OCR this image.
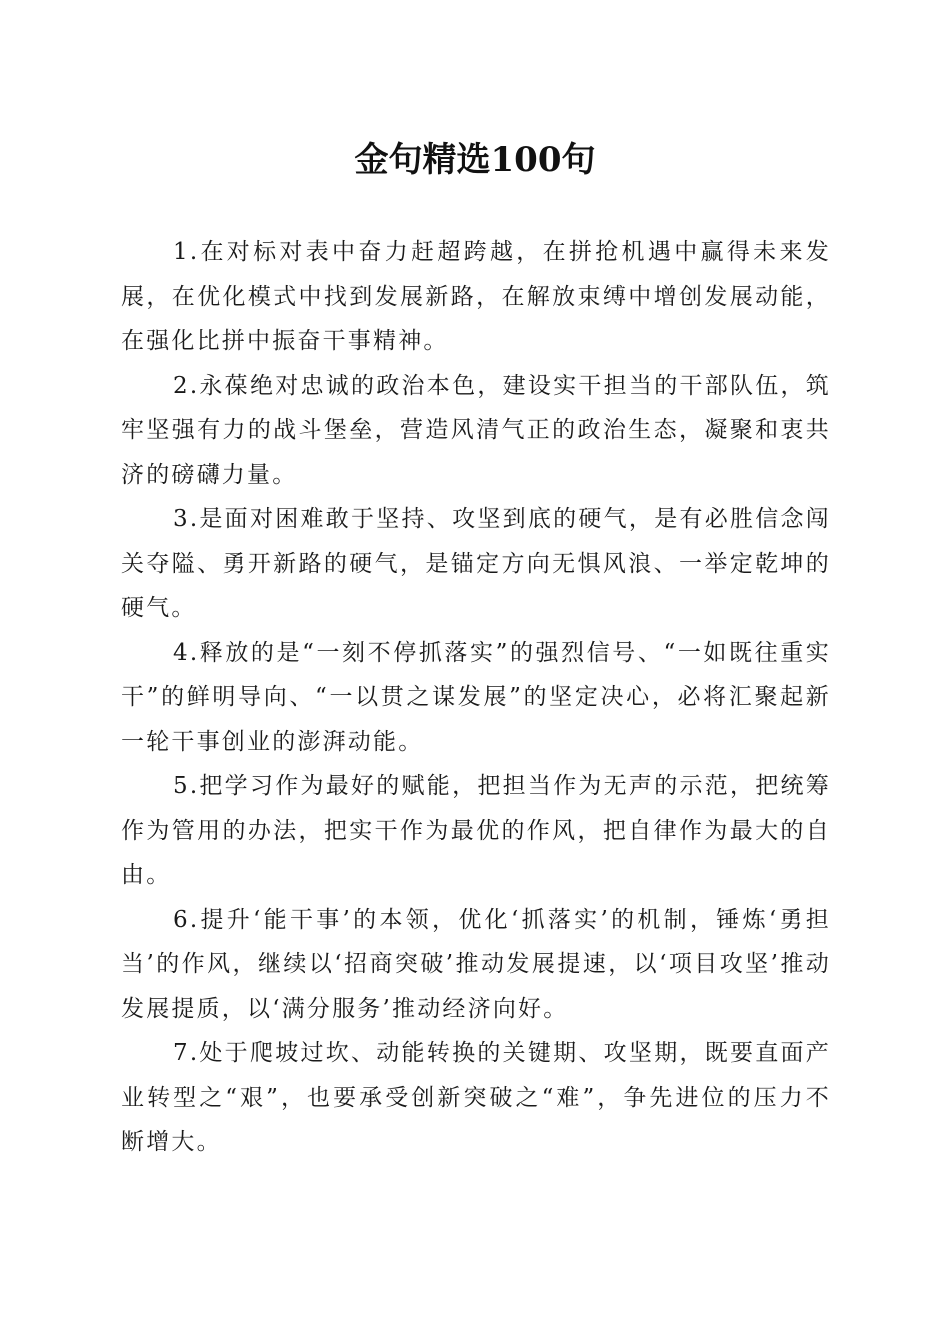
金句精选100句

1.在对标对表中奋力赶超跨越，在拼抢机遇中赢得未来发展，在优化模式中找到发展新路，在解放束缚中增创发展动能，在强化比拼中振奋干事精神。

2.永葆绝对忠诚的政治本色，建设实干担当的干部队伍，筑牢坚强有力的战斗堡垒，营造风清气正的政治生态，凝聚和衷共济的磅礴力量。

3.是面对困难敢于坚持、攻坚到底的硬气，是有必胜信念闯关夺隘、勇开新路的硬气，是锚定方向无惧风浪、一举定乾坤的硬气。

4.释放的是“一刻不停抓落实”的强烈信号、“一如既往重实干”的鲜明导向、“一以贯之谋发展”的坚定决心，必将汇聚起新一轮干事创业的澎湃动能。

5.把学习作为最好的赋能，把担当作为无声的示范，把统筹作为管用的办法，把实干作为最优的作风，把自律作为最大的自由。

6.提升‘能干事’的本领，优化‘抓落实’的机制，锤炼‘勇担当’的作风，继续以‘招商突破’推动发展提速，以‘项目攻坚’推动发展提质，以‘满分服务’推动经济向好。

7.处于爬坡过坎、动能转换的关键期、攻坚期，既要直面产业转型之“艰”，也要承受创新突破之“难”，争先进位的压力不断增大。
